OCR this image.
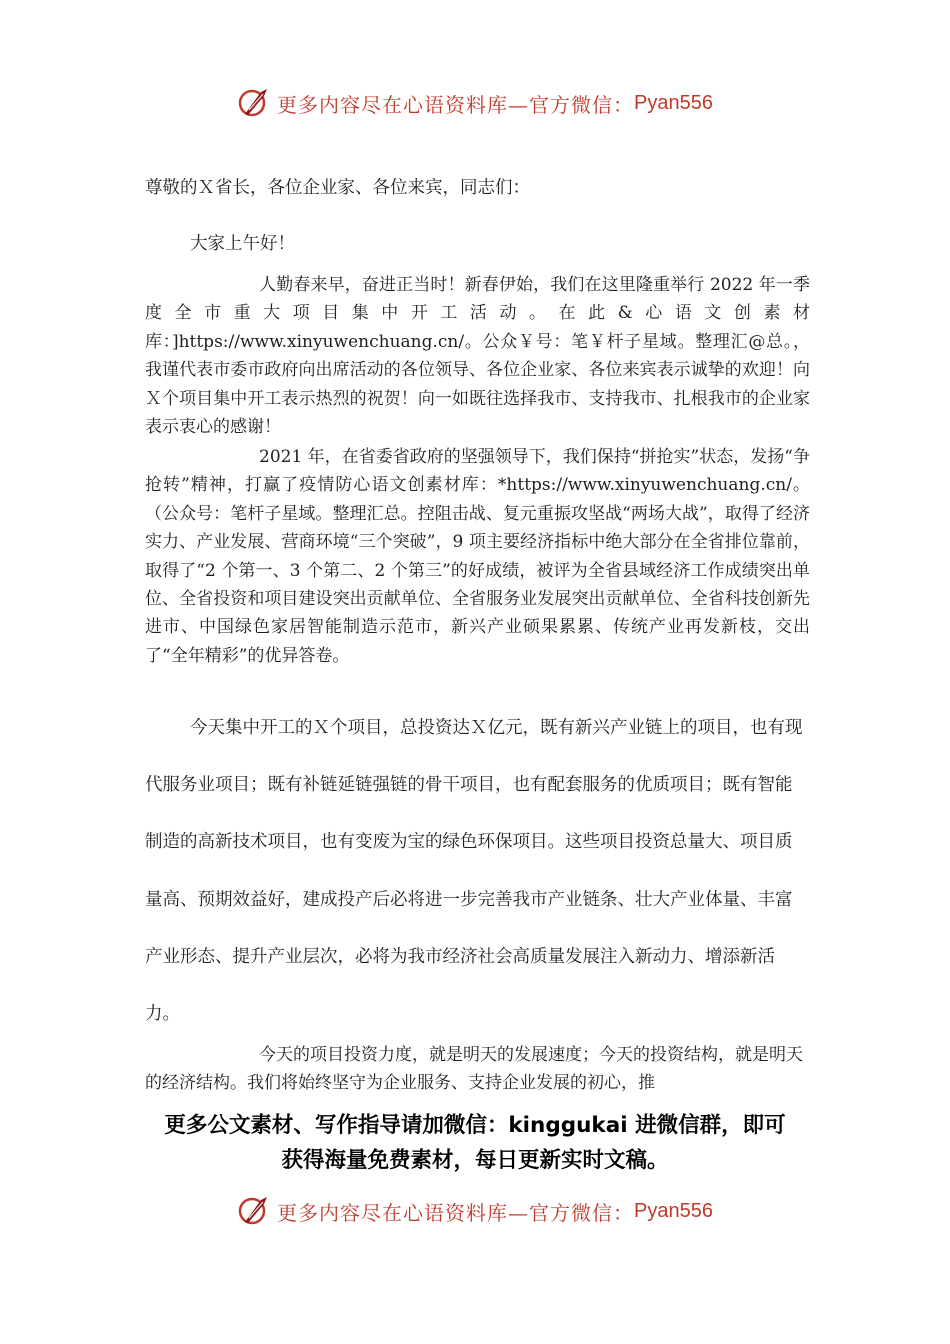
更多内容尽在心语资料库—官方微信： Pyan556
尊敬的Ｘ省长，各位企业家、各位来宾，同志们：
大家上午好！

人勤春来早，奋进正当时！新春伊始，我们在这里隆重举行 2022 年一季度全市重大项目集中开工活动。在此&心语文创素材库：]https://www.xinyuwenchuang.cn/。公众￥号：笔￥杆子星域。整理汇@总。，我谨代表市委市政府向出席活动的各位领导、各位企业家、各位来宾表示诚挚的欢迎！向Ｘ个项目集中开工表示热烈的祝贺！向一如既往选择我市、支持我市、扎根我市的企业家表示衷心的感谢！

2021 年，在省委省政府的坚强领导下，我们保持“拼抢实”状态，发扬“争抢转”精神，打赢了疫情防心语文创素材库：*https://www.xinyuwenchuang.cn/。（公众号：笔杆子星域。整理汇总。控阻击战、复元重振攻坚战“两场大战”，取得了经济实力、产业发展、营商环境“三个突破”，9 项主要经济指标中绝大部分在全省排位靠前，取得了“2 个第一、3 个第二、2 个第三”的好成绩，被评为全省县域经济工作成绩突出单位、全省投资和项目建设突出贡献单位、全省服务业发展突出贡献单位、全省科技创新先进市、中国绿色家居智能制造示范市，新兴产业硕果累累、传统产业再发新枝，交出了“全年精彩”的优异答卷。

今天集中开工的Ｘ个项目，总投资达Ｘ亿元，既有新兴产业链上的项目，也有现代服务业项目；既有补链延链强链的骨干项目，也有配套服务的优质项目；既有智能制造的高新技术项目，也有变废为宝的绿色环保项目。这些项目投资总量大、项目质量高、预期效益好，建成投产后必将进一步完善我市产业链条、壮大产业体量、丰富产业形态、提升产业层次，必将为我市经济社会高质量发展注入新动力、增添新活力。

今天的项目投资力度，就是明天的发展速度；今天的投资结构，就是明天的经济结构。我们将始终坚守为企业服务、支持企业发展的初心，推

更多公文素材、写作指导请加微信：kinggukai 进微信群，即可
获得海量免费素材，每日更新实时文稿。
更多内容尽在心语资料库—官方微信： Pyan556
